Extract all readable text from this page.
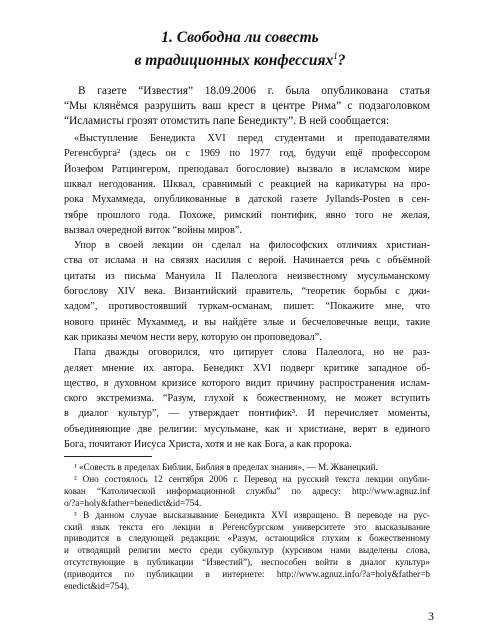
1. Свободна ли совесть
в традиционных конфессиях$^1$?
В газете “Известия” 18.09.2006 г. была опубликована статья
“Мы клянёмся разрушить ваш крест в центре Рима” с подзаголовком
“Исламисты грозят отомстить папе Бенедикту”. В ней сообщается:
«Выступление Бенедикта XVI перед студентами и преподавателями
Регенсбурга² (здесь он с 1969 по 1977 год, будучи ещё профессором
Йозефом Ратцингером, преподавал богословие) вызвало в исламском мире
шквал негодования. Шквал, сравнимый с реакцией на карикатуры на про-
рока Мухаммеда, опубликованные в датской газете Jyllands-Posten в сен-
тябре прошлого года. Похоже, римский понтифик, явно того не желая,
вызвал очередной виток “войны миров”.
Упор в своей лекции он сделал на философских отличиях христиан-
ства от ислама и на связях насилия с верой. Начинается речь с объёмной
цитаты из письма Мануила II Палеолога неизвестному мусульманскому
богослову XIV века. Византийский правитель, “теоретик борьбы с джи-
хадом”, противостоявший туркам-османам, пишет: “Покажите мне, что
нового принёс Мухаммед, и вы найдёте злые и бесчеловечные вещи, такие
как приказы мечом нести веру, которую он проповедовал”.
Папа дважды оговорился, что цитирует слова Палеолога, но не раз-
деляет мнение их автора. Бенедикт XVI подверг критике западное об-
щество, в духовном кризисе которого видит причину распространения ислам-
ского экстремизма. “Разум, глухой к божественному, не может вступить
в диалог культур”, — утверждает понтифик³. И перечисляет моменты,
объединяющие две религии: мусульмане, как и христиане, верят в единого
Бога, почитают Иисуса Христа, хотя и не как Бога, а как пророка.
¹ «Совесть в пределах Библии, Библия в пределах знания», — М. Жванецкий.
² Оно состоялось 12 сентября 2006 г. Перевод на русский текста лекции опубли-
кован “Католической информационной службы” по адресу: http://www.agnuz.inf
o/?a=holy&father=benedict&id=754.
³ В данном случае высказывание Бенедикта XVI извращено. В переводе на рус-
ский язык текста его лекции в Регенсбургском университете это высказывание
приводится в следующей редакции: «Разум, остающийся глухим к божественному
и отводящий религии место среди субкультур (курсивом нами выделены слова,
отсутствующие в публикации “Известий”), неспособен войти в диалог культур»
(приводится по публикации в интернете: http://www.agnuz.info/?a=holy&father=b
enedict&id=754).
3
